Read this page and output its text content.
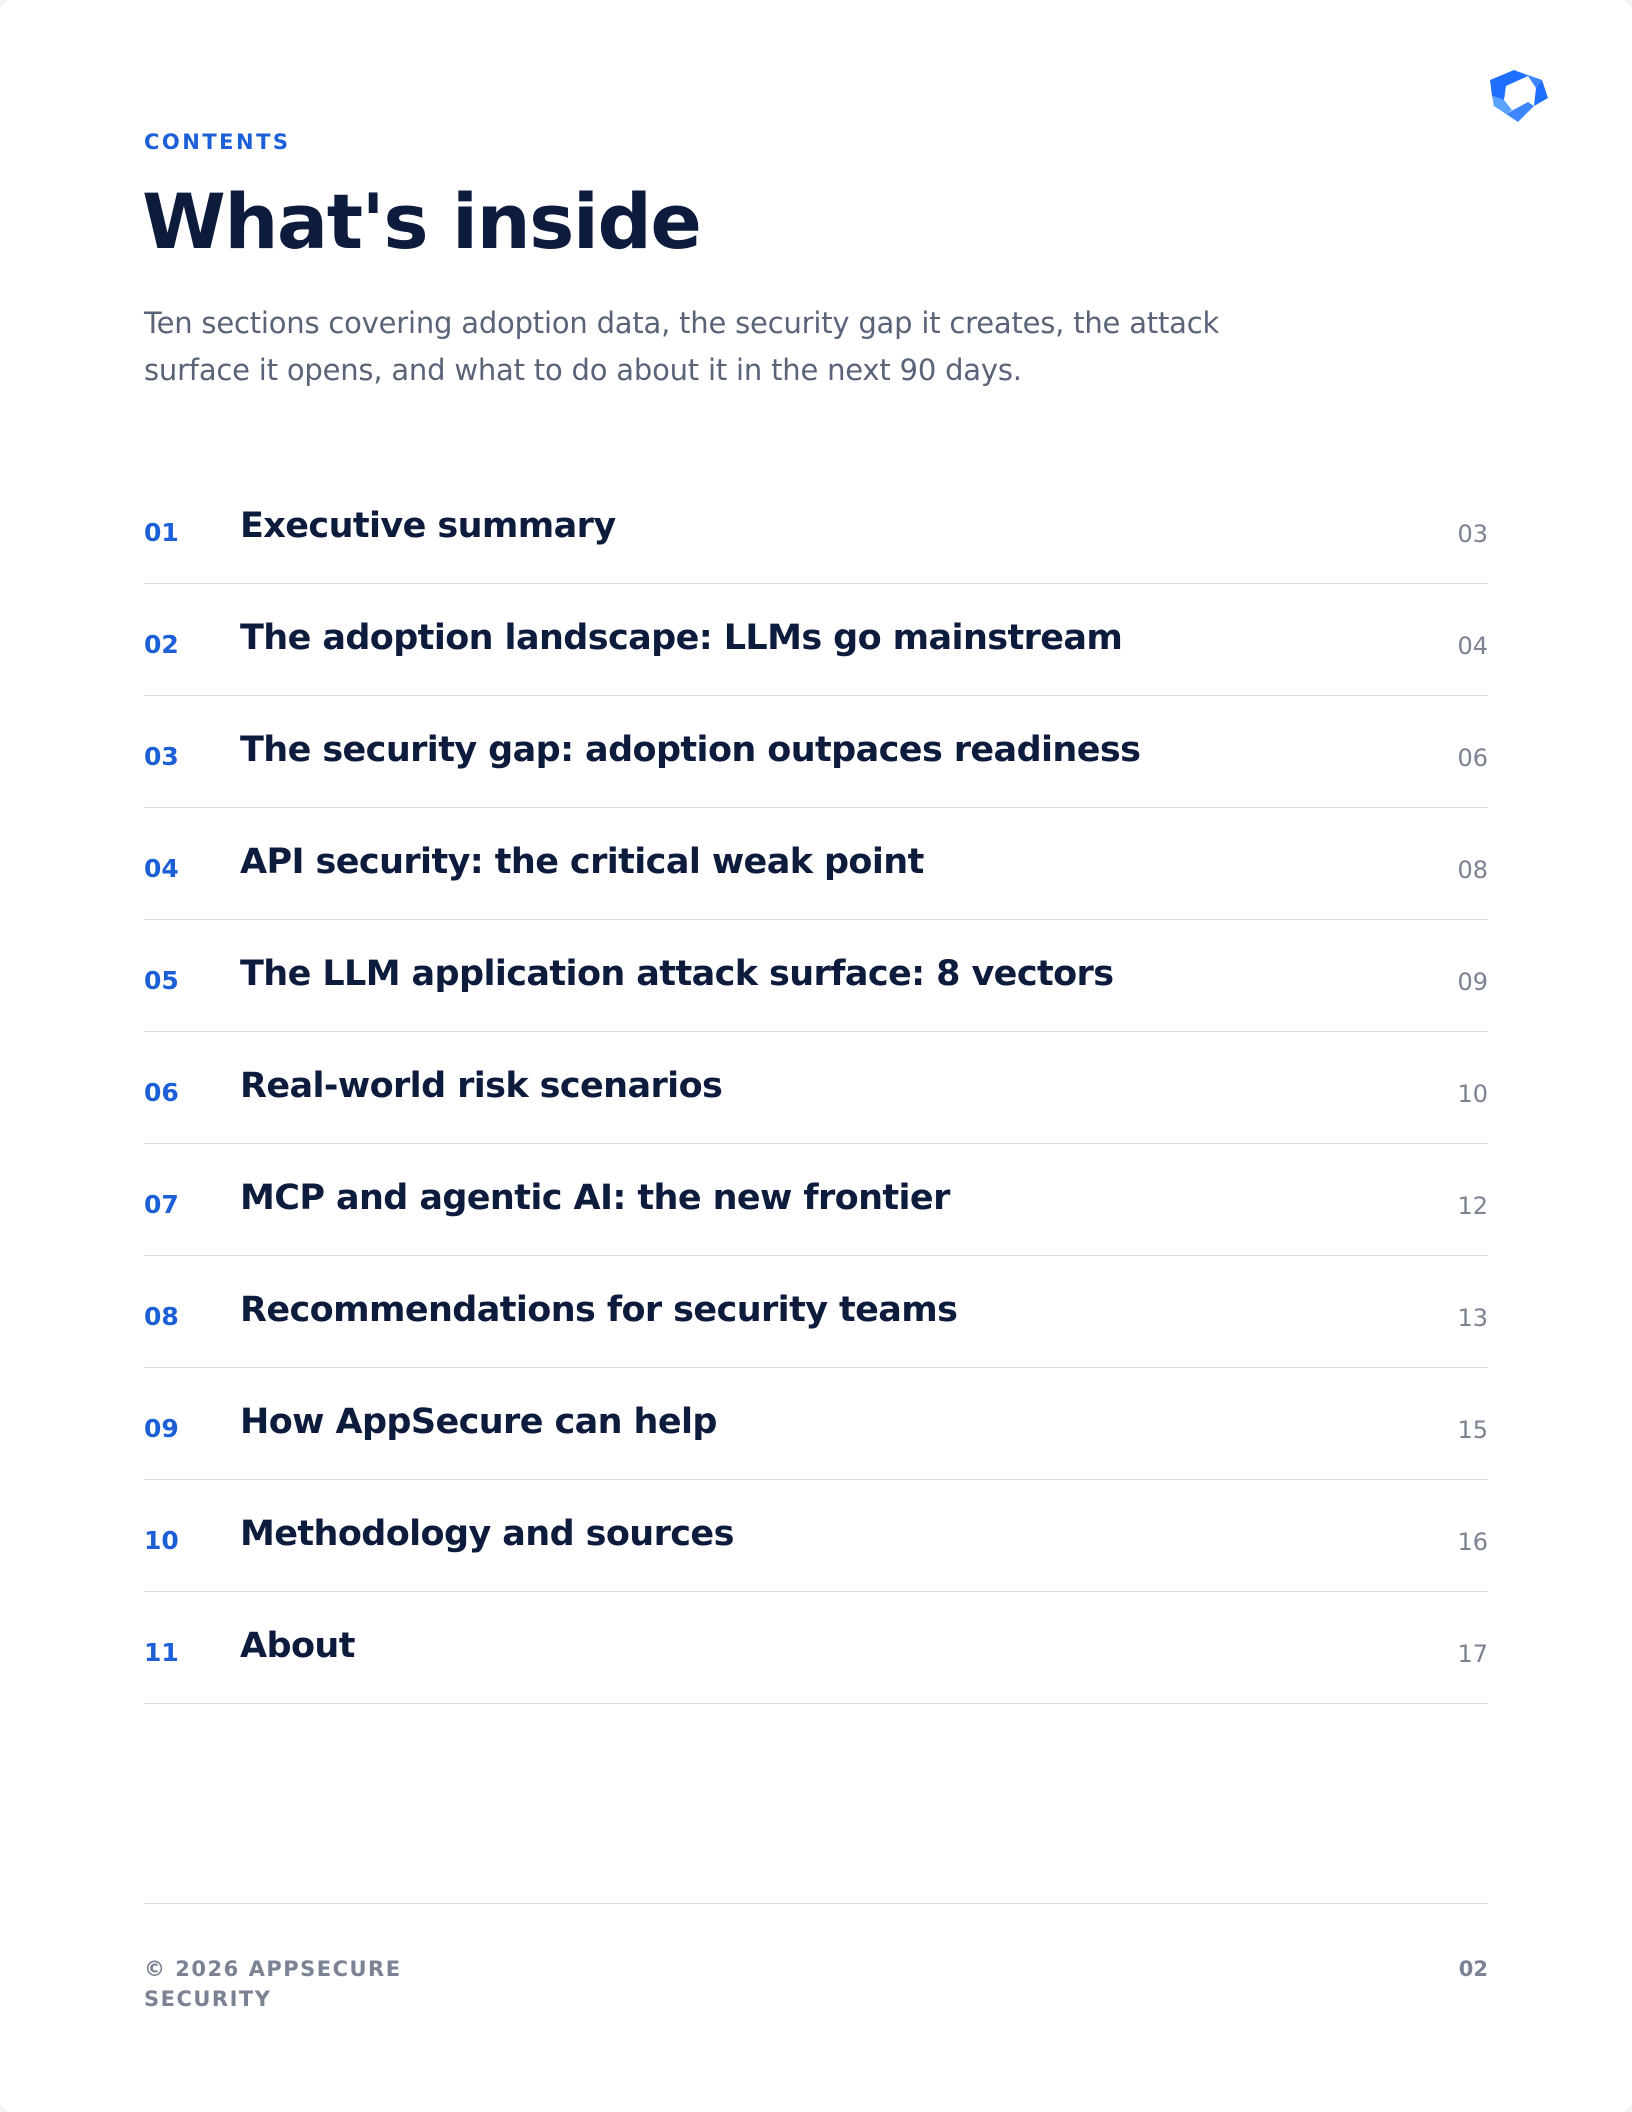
CONTENTS
What's inside

Ten sections covering adoption data, the security gap it creates, the attack surface it opens, and what to do about it in the next 90 days.

01 Executive summary	03
02 The adoption landscape: LLMs go mainstream	04
03 The security gap: adoption outpaces readiness	06
04 API security: the critical weak point	08
05 The LLM application attack surface: 8 vectors	09
06 Real-world risk scenarios	10
07 MCP and agentic AI: the new frontier	12
08 Recommendations for security teams	13
09 How AppSecure can help	15
10 Methodology and sources	16
11 About	17
© 2026 APPSECURE
SECURITY
02
